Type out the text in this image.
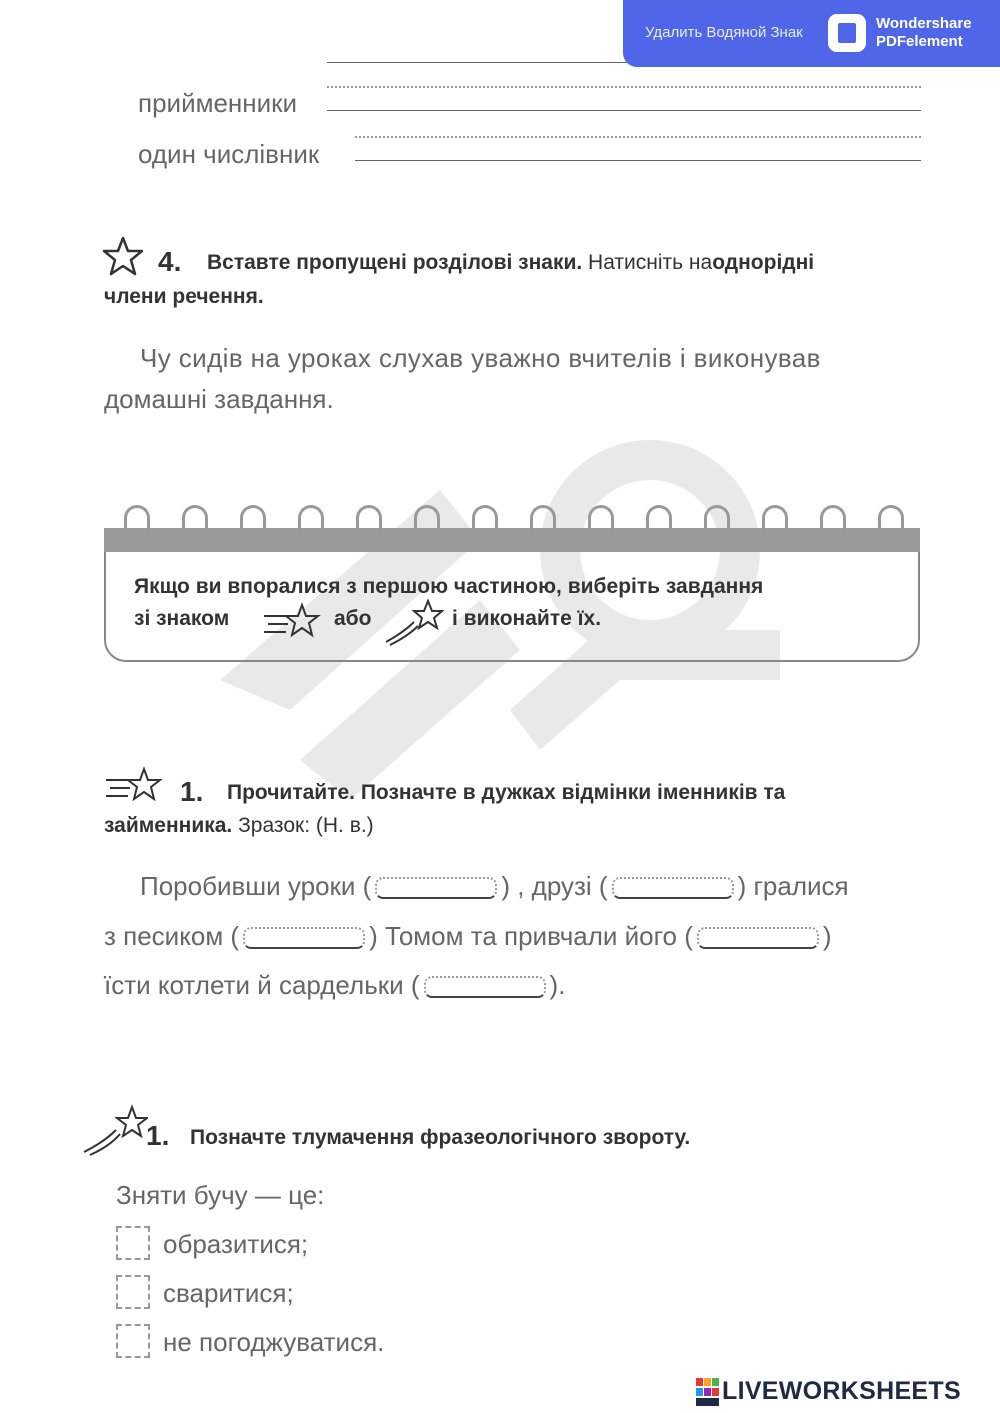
Удалить Водяной Знак
Wondershare
PDFelement
прийменники
один числівник
4. Вставте пропущені розділові знаки. Натисніть наоднорідні
члени речення.
Чу сидів на уроках слухав уважно вчителів і виконував
домашні завдання.
Якщо ви впоралися з першою частиною, виберіть завдання
зі знаком	або	і виконайте їх.
1. Прочитайте. Позначте в дужках відмінки іменників та
займенника. Зразок: (Н. в.)
Поробивши уроки (	) , друзі (	) гралися
з песиком (	) Томом та привчали його (	)
їсти котлети й сардельки (	).
1. Позначте тлумачення фразеологічного звороту.
Зняти бучу — це:
образитися;
сваритися;
не погоджуватися.
LIVEWORKSHEETS
